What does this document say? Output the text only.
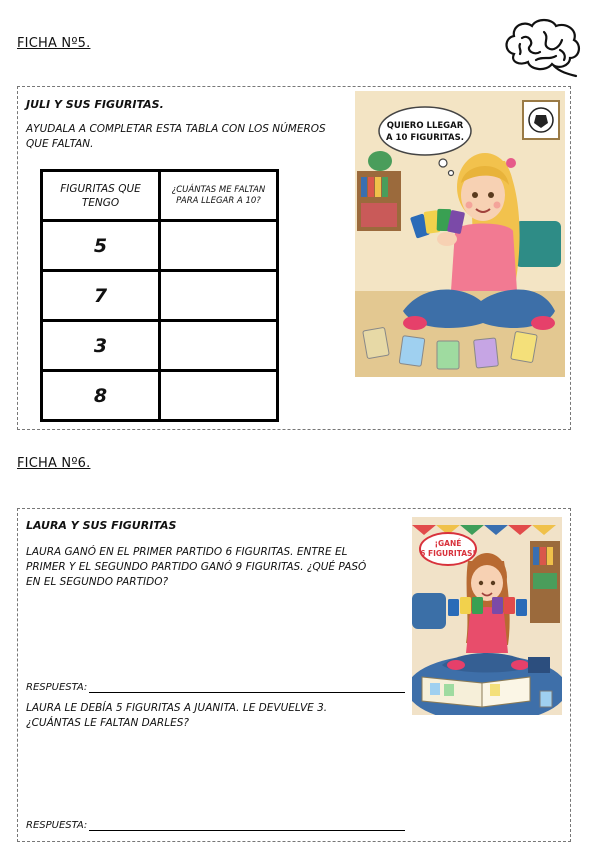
FICHA Nº5.
JULI Y SUS FIGURITAS.
AYUDALA A COMPLETAR ESTA TABLA CON LOS NÚMEROS QUE FALTAN.
FIGURITAS QUE TENGO	¿CUÁNTAS ME FALTAN PARA LLEGAR A 10?
5	
7	
3	
8	
QUIERO LLEGAR
A 10 FIGURITAS.
FICHA Nº6.
LAURA Y SUS FIGURITAS
LAURA GANÓ EN EL PRIMER PARTIDO 6 FIGURITAS. ENTRE EL PRIMER Y EL SEGUNDO PARTIDO GANÓ 9 FIGURITAS. ¿QUÉ PASÓ EN EL SEGUNDO PARTIDO?
RESPUESTA:
LAURA LE DEBÍA 5 FIGURITAS A JUANITA. LE DEVUELVE 3. ¿CUÁNTAS LE FALTAN DARLES?
RESPUESTA:
¡GANÉ
6 FIGURITAS!
